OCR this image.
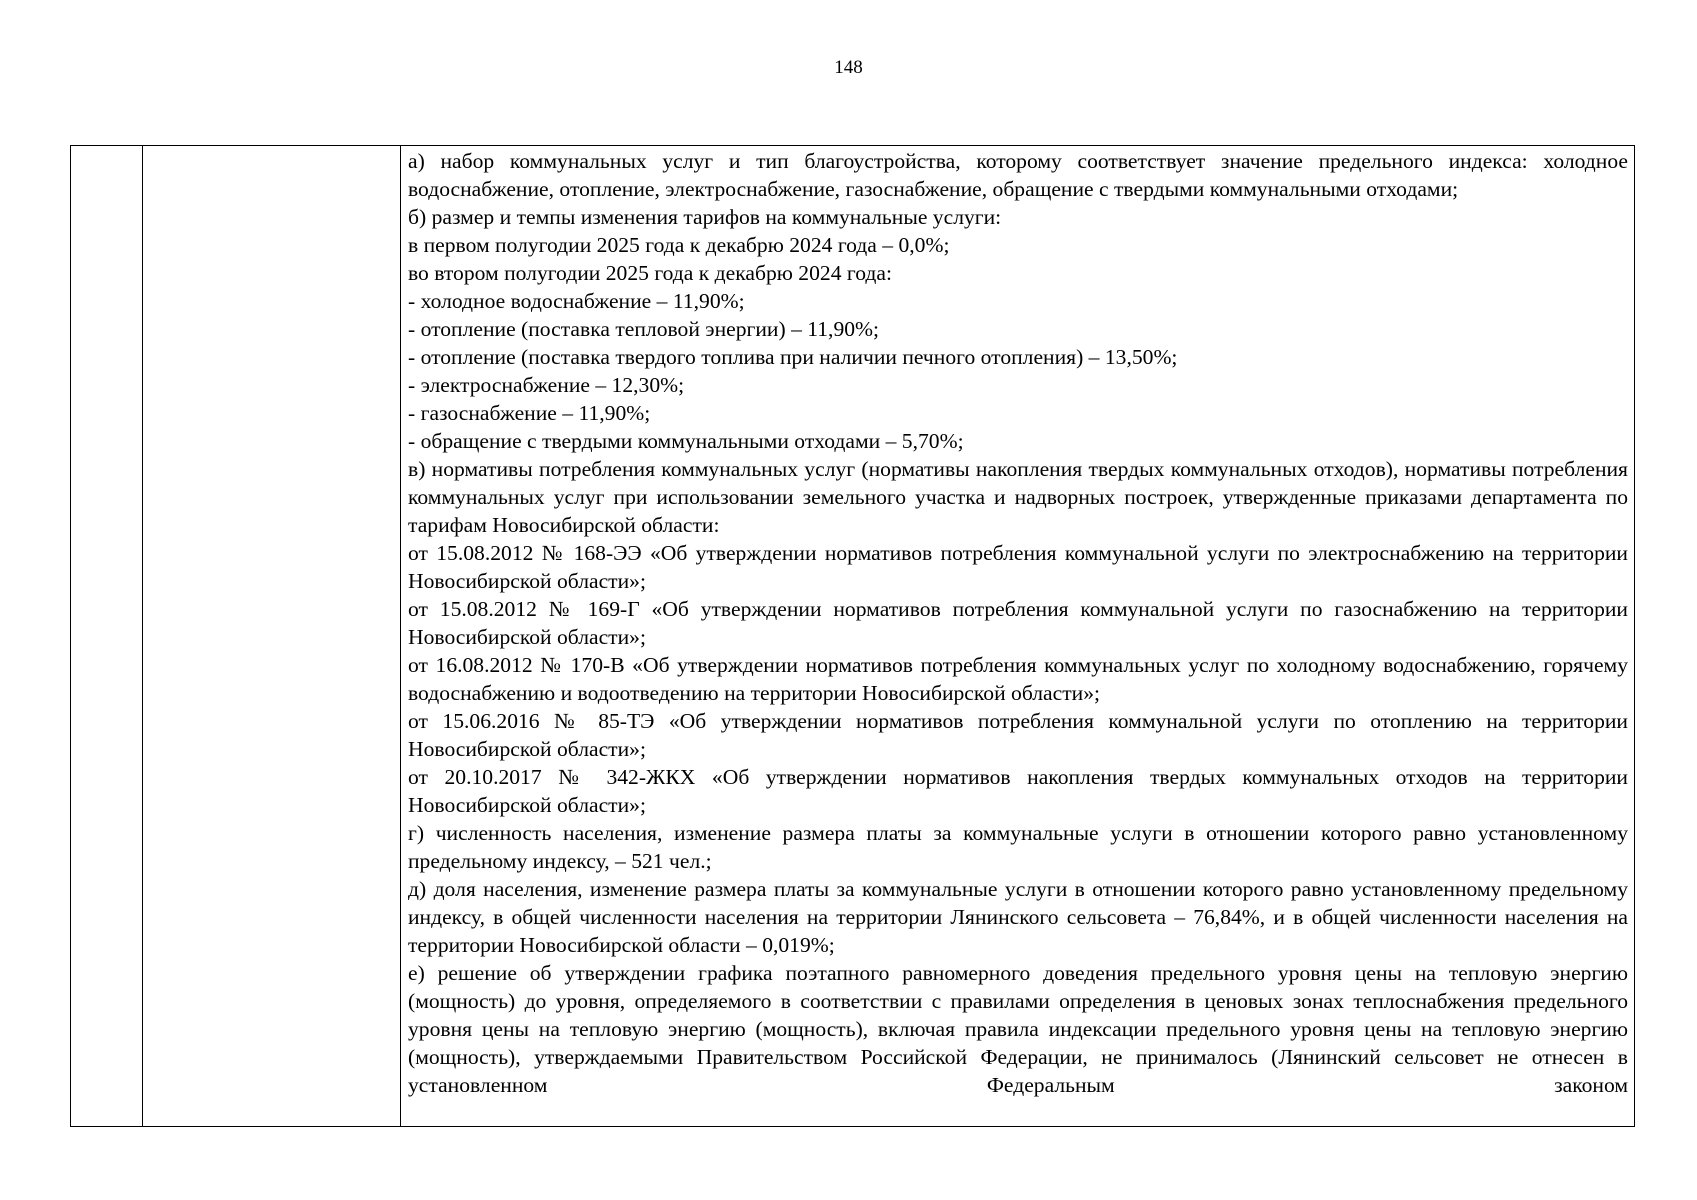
148

а) набор коммунальных услуг и тип благоустройства, которому соответствует значение предельного индекса: холодное водоснабжение, отопление, электроснабжение, газоснабжение, обращение с твердыми коммунальными отходами;

б) размер и темпы изменения тарифов на коммунальные услуги:

в первом полугодии 2025 года к декабрю 2024 года – 0,0%;

во втором полугодии 2025 года к декабрю 2024 года:

- холодное водоснабжение – 11,90%;

- отопление (поставка тепловой энергии) – 11,90%;

- отопление (поставка твердого топлива при наличии печного отопления) – 13,50%;

- электроснабжение – 12,30%;

- газоснабжение – 11,90%;

- обращение с твердыми коммунальными отходами – 5,70%;

в) нормативы потребления коммунальных услуг (нормативы накопления твердых коммунальных отходов), нормативы потребления коммунальных услуг при использовании земельного участка и надворных построек, утвержденные приказами департамента по тарифам Новосибирской области:

от 15.08.2012 № 168-ЭЭ «Об утверждении нормативов потребления коммунальной услуги по электроснабжению на территории Новосибирской области»;

от 15.08.2012 № 169-Г «Об утверждении нормативов потребления коммунальной услуги по газоснабжению на территории Новосибирской области»;

от 16.08.2012 № 170-В «Об утверждении нормативов потребления коммунальных услуг по холодному водоснабжению, горячему водоснабжению и водоотведению на территории Новосибирской области»;

от 15.06.2016 № 85-ТЭ «Об утверждении нормативов потребления коммунальной услуги по отоплению на территории Новосибирской области»;

от 20.10.2017 № 342-ЖКХ «Об утверждении нормативов накопления твердых коммунальных отходов на территории Новосибирской области»;

г) численность населения, изменение размера платы за коммунальные услуги в отношении которого равно установленному предельному индексу, – 521 чел.;

д) доля населения, изменение размера платы за коммунальные услуги в отношении которого равно установленному предельному индексу, в общей численности населения на территории Лянинского сельсовета – 76,84%, и в общей численности населения на территории Новосибирской области – 0,019%;

е) решение об утверждении графика поэтапного равномерного доведения предельного уровня цены на тепловую энергию (мощность) до уровня, определяемого в соответствии с правилами определения в ценовых зонах теплоснабжения предельного уровня цены на тепловую энергию (мощность), включая правила индексации предельного уровня цены на тепловую энергию (мощность), утверждаемыми Правительством Российской Федерации, не принималось (Лянинский сельсовет не отнесен в установленном Федеральным законом
